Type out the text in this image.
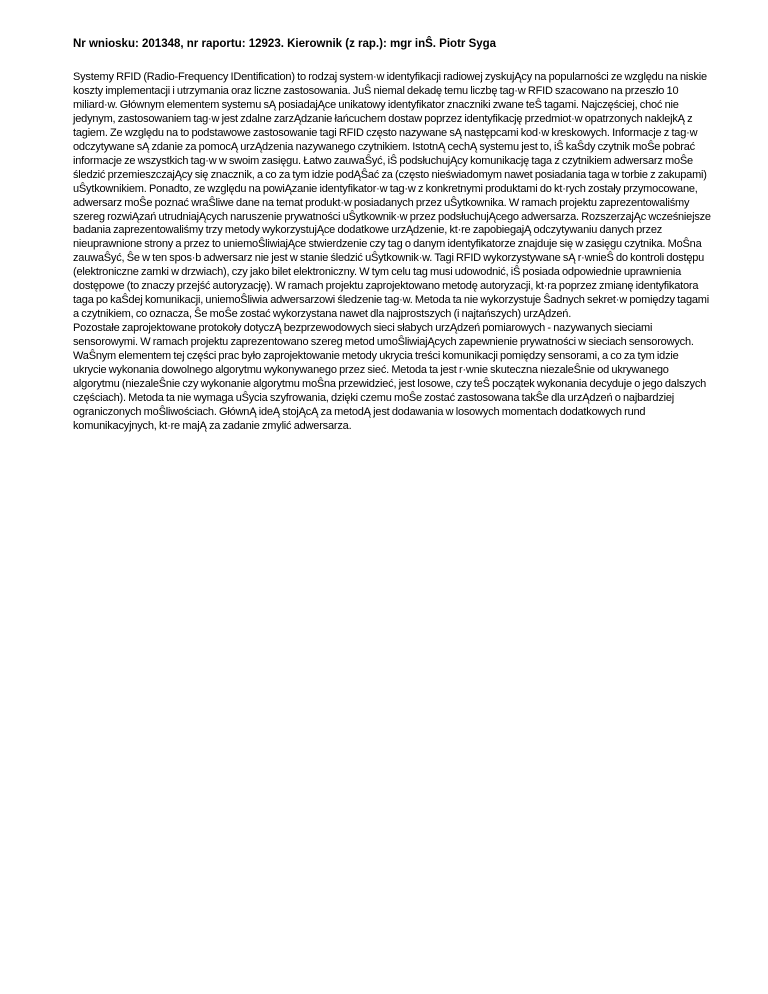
Nr wniosku: 201348, nr raportu: 12923. Kierownik (z rap.): mgr inŜ. Piotr Syga

Systemy RFID (Radio-Frequency IDentification) to rodzaj system·w identyfikacji radiowej zyskujĄcy na popularności ze względu na niskie koszty implementacji i utrzymania oraz liczne zastosowania. JuŜ niemal dekadę temu liczbę tag·w RFID szacowano na przeszło 10 miliard·w. Głównym elementem systemu sĄ posiadajĄce unikatowy identyfikator znaczniki zwane teŜ tagami. Najczęściej, choć nie jedynym, zastosowaniem tag·w jest zdalne zarzĄdzanie łańcuchem dostaw poprzez identyfikację przedmiot·w opatrzonych naklejkĄ z tagiem. Ze względu na to podstawowe zastosowanie tagi RFID często nazywane sĄ następcami kod·w kreskowych. Informacje z tag·w odczytywane sĄ zdanie za pomocĄ urzĄdzenia nazywanego czytnikiem. IstotnĄ cechĄ systemu jest to, iŜ kaŜdy czytnik moŜe pobrać informacje ze wszystkich tag·w w swoim zasięgu. Łatwo zauwaŜyć, iŜ podsłuchujĄcy komunikację taga z czytnikiem adwersarz moŜe śledzić przemieszczajĄcy się znacznik, a co za tym idzie podĄŜać za (często nieświadomym nawet posiadania taga w torbie z zakupami) uŜytkownikiem. Ponadto, ze względu na powiĄzanie identyfikator·w tag·w z konkretnymi produktami do kt·rych zostały przymocowane, adwersarz moŜe poznać wraŜliwe dane na temat produkt·w posiadanych przez uŜytkownika. W ramach projektu zaprezentowaliśmy szereg rozwiĄzań utrudniajĄcych naruszenie prywatności uŜytkownik·w przez podsłuchujĄcego adwersarza. RozszerzajĄc wcześniejsze badania zaprezentowaliśmy trzy metody wykorzystujĄce dodatkowe urzĄdzenie, kt·re zapobiegajĄ odczytywaniu danych przez nieuprawnione strony a przez to uniemoŜliwiajĄce stwierdzenie czy tag o danym identyfikatorze znajduje się w zasięgu czytnika. MoŜna zauwaŜyć, Ŝe w ten spos·b adwersarz nie jest w stanie śledzić uŜytkownik·w. Tagi RFID wykorzystywane sĄ r·wnieŜ do kontroli dostępu (elektroniczne zamki w drzwiach), czy jako bilet elektroniczny. W tym celu tag musi udowodnić, iŜ posiada odpowiednie uprawnienia dostępowe (to znaczy przejść autoryzację). W ramach projektu zaprojektowano metodę autoryzacji, kt·ra poprzez zmianę identyfikatora taga po kaŜdej komunikacji, uniemoŜliwia adwersarzowi śledzenie tag·w. Metoda ta nie wykorzystuje Ŝadnych sekret·w pomiędzy tagami a czytnikiem, co oznacza, Ŝe moŜe zostać wykorzystana nawet dla najprostszych (i najtańszych) urzĄdzeń.

Pozostałe zaprojektowane protokoły dotyczĄ bezprzewodowych sieci słabych urzĄdzeń pomiarowych - nazywanych sieciami sensorowymi. W ramach projektu zaprezentowano szereg metod umoŜliwiajĄcych zapewnienie prywatności w sieciach sensorowych. WaŜnym elementem tej części prac było zaprojektowanie metody ukrycia treści komunikacji pomiędzy sensorami, a co za tym idzie ukrycie wykonania dowolnego algorytmu wykonywanego przez sieć. Metoda ta jest r·wnie skuteczna niezaleŜnie od ukrywanego algorytmu (niezaleŜnie czy wykonanie algorytmu moŜna przewidzieć, jest losowe, czy teŜ początek wykonania decyduje o jego dalszych częściach). Metoda ta nie wymaga uŜycia szyfrowania, dzięki czemu moŜe zostać zastosowana takŜe dla urzĄdzeń o najbardziej ograniczonych moŜliwościach. GłównĄ ideĄ stojĄcĄ za metodĄ jest dodawania w losowych momentach dodatkowych rund komunikacyjnych, kt·re majĄ za zadanie zmylić adwersarza.
